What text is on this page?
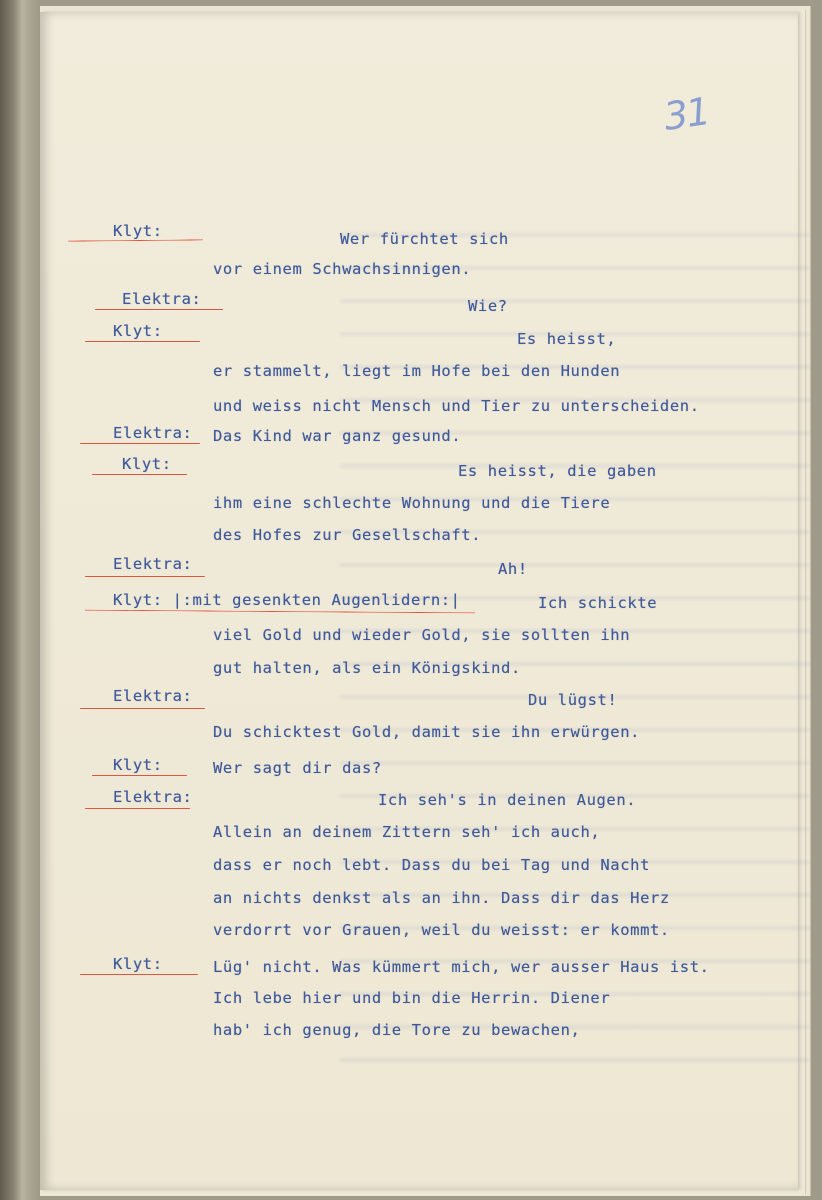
31
Klyt:
Elektra:
Klyt:
Elektra:
Klyt:
Elektra:
Klyt: |:mit gesenkten Augenlidern:|
Elektra:
Klyt:
Elektra:
Klyt:
Wer fürchtet sich
vor einem Schwachsinnigen.
Wie?
Es heisst,
er stammelt, liegt im Hofe bei den Hunden
und weiss nicht Mensch und Tier zu unterscheiden.
Das Kind war ganz gesund.
Es heisst, die gaben
ihm eine schlechte Wohnung und die Tiere
des Hofes zur Gesellschaft.
Ah!
Ich schickte
viel Gold und wieder Gold, sie sollten ihn
gut halten, als ein Königskind.
Du lügst!
Du schicktest Gold, damit sie ihn erwürgen.
Wer sagt dir das?
Ich seh's in deinen Augen.
Allein an deinem Zittern seh' ich auch,
dass er noch lebt. Dass du bei Tag und Nacht
an nichts denkst als an ihn. Dass dir das Herz
verdorrt vor Grauen, weil du weisst: er kommt.
Lüg' nicht. Was kümmert mich, wer ausser Haus ist.
Ich lebe hier und bin die Herrin. Diener
hab' ich genug, die Tore zu bewachen,
